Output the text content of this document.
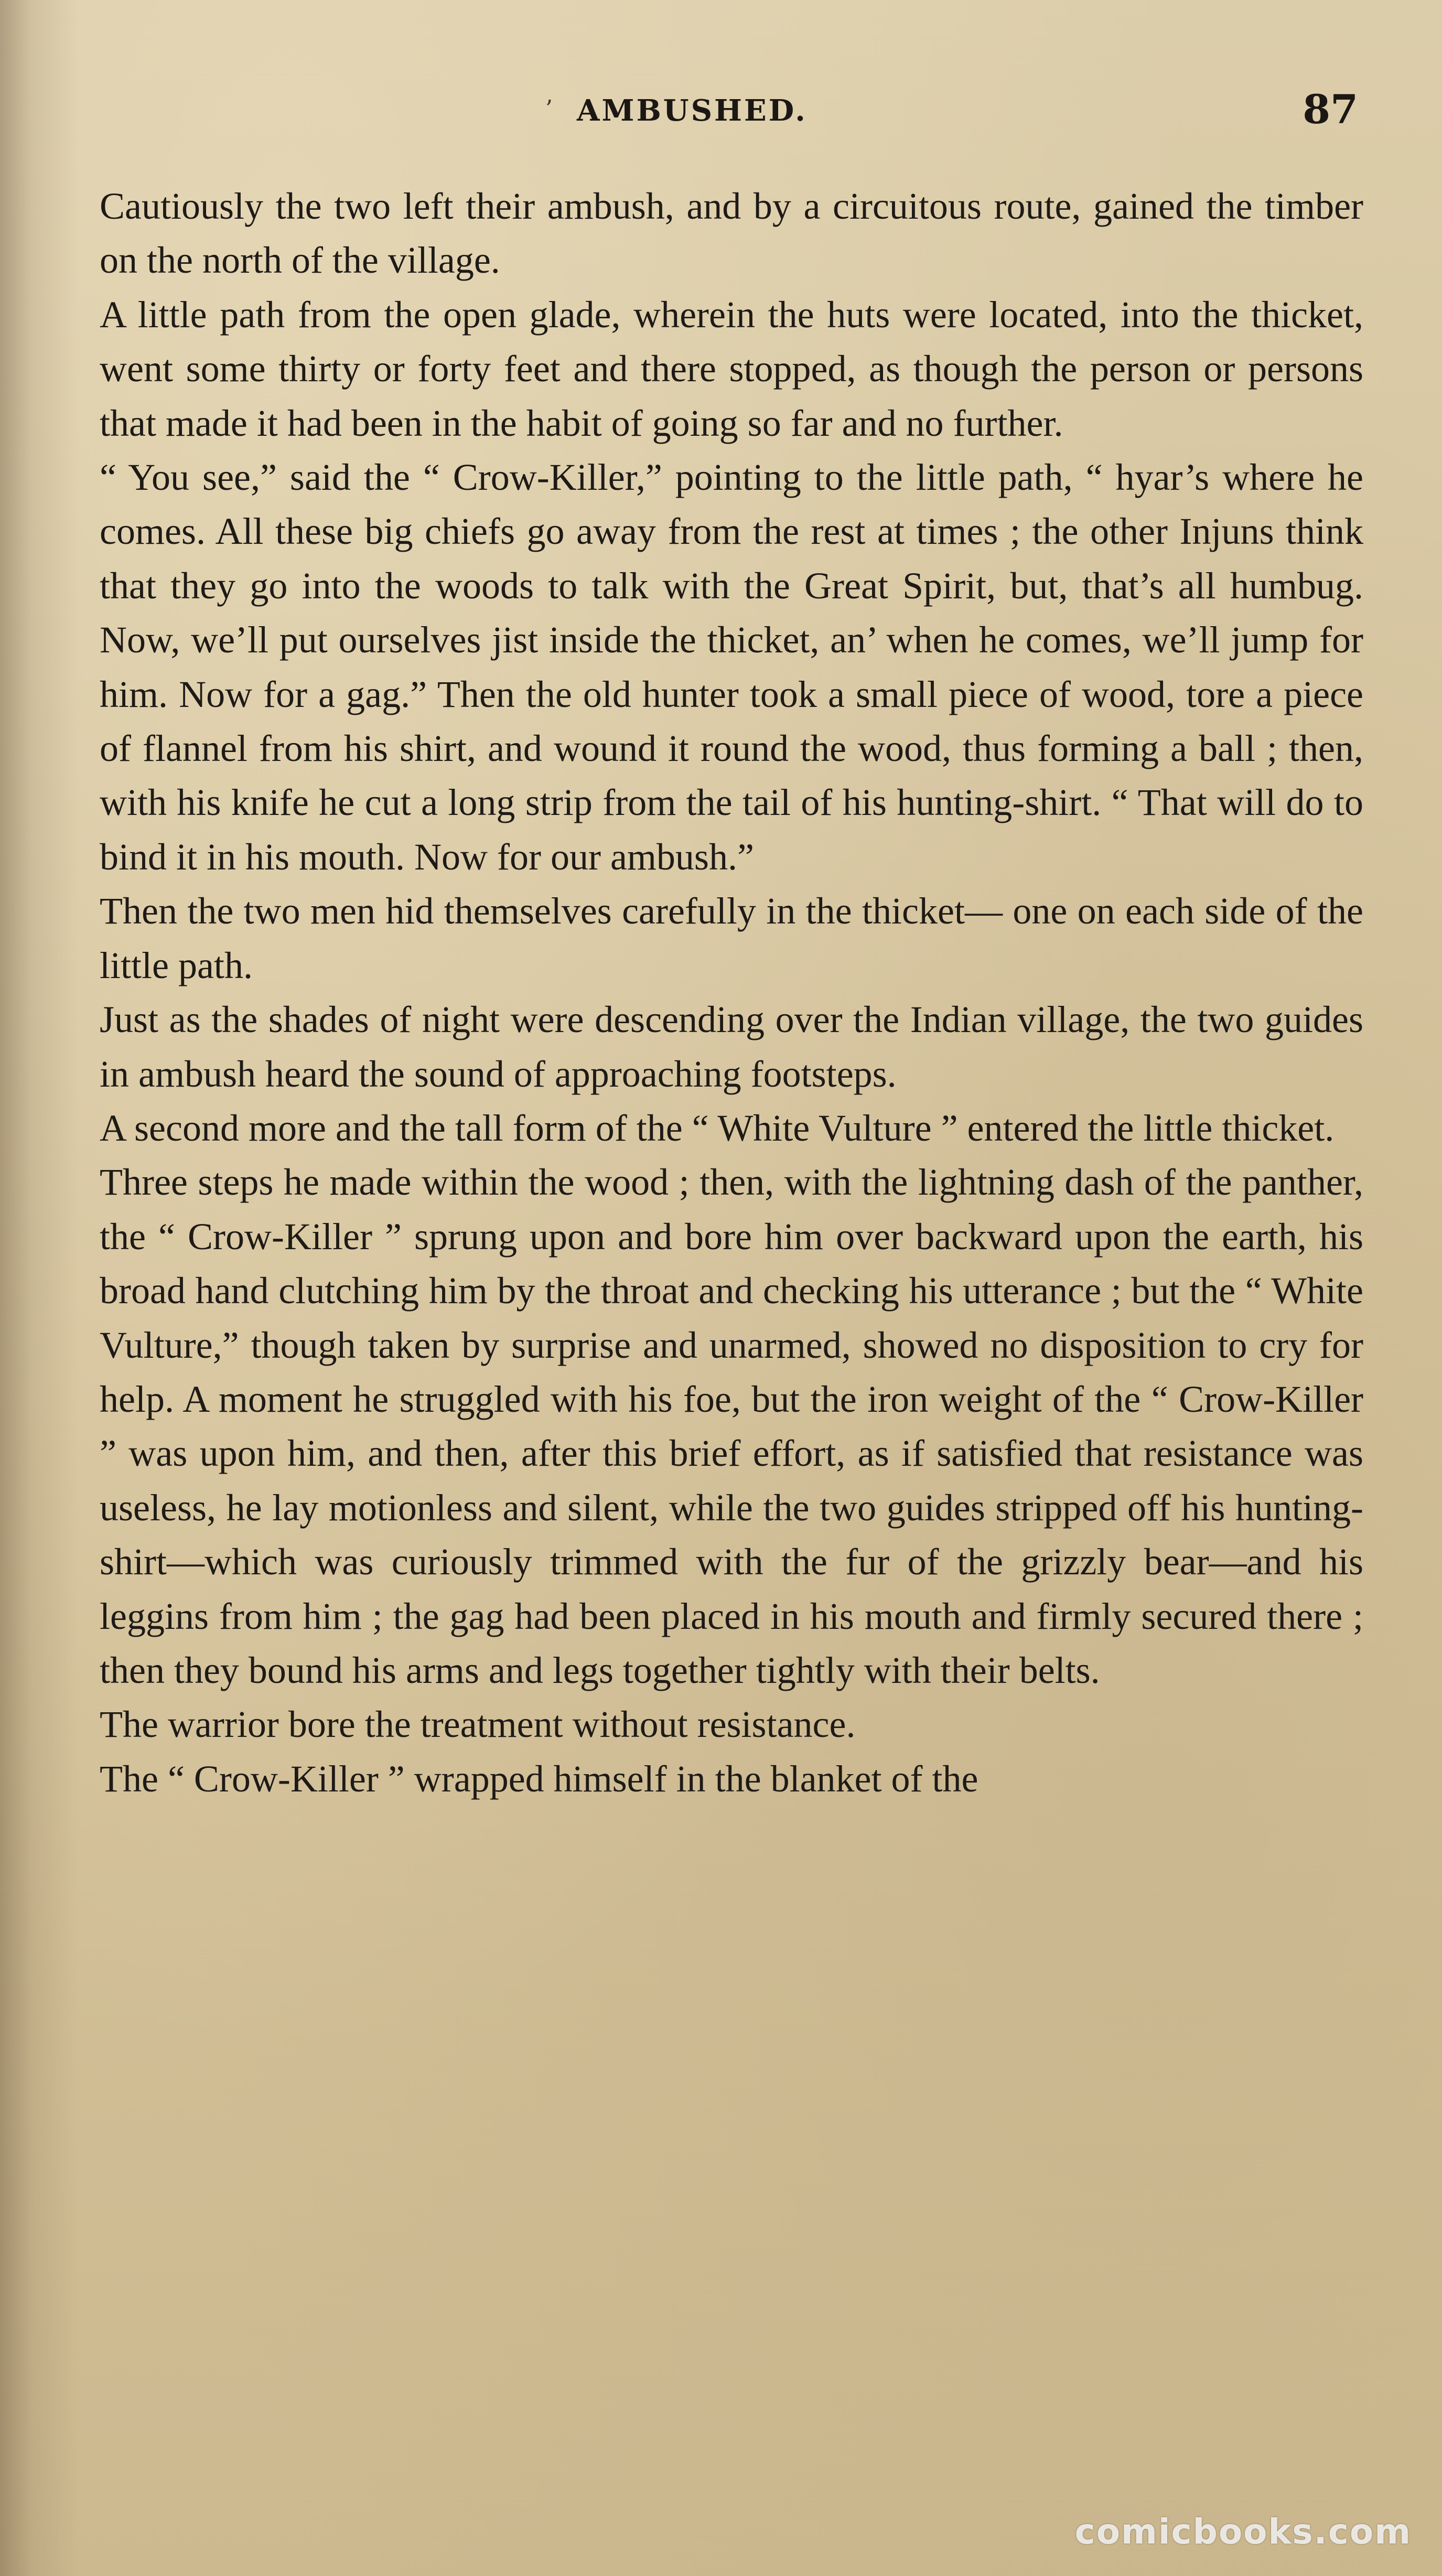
’ AMBUSHED.	87

Cautiously the two left their ambush, and by a circuitous route, gained the timber on the north of the village.

A little path from the open glade, wherein the huts were located, into the thicket, went some thirty or forty feet and there stopped, as though the person or persons that made it had been in the habit of going so far and no further.

“ You see,” said the “ Crow-Killer,” pointing to the little path, “ hyar’s where he comes. All these big chiefs go away from the rest at times ; the other Injuns think that they go into the woods to talk with the Great Spirit, but, that’s all humbug. Now, we’ll put ourselves jist inside the thicket, an’ when he comes, we’ll jump for him. Now for a gag.” Then the old hunter took a small piece of wood, tore a piece of flannel from his shirt, and wound it round the wood, thus forming a ball ; then, with his knife he cut a long strip from the tail of his hunting-shirt. “ That will do to bind it in his mouth. Now for our ambush.”

Then the two men hid themselves carefully in the thicket— one on each side of the little path.

Just as the shades of night were descending over the Indian village, the two guides in ambush heard the sound of approaching footsteps.

A second more and the tall form of the “ White Vulture ” entered the little thicket.

Three steps he made within the wood ; then, with the lightning dash of the panther, the “ Crow-Killer ” sprung upon and bore him over backward upon the earth, his broad hand clutching him by the throat and checking his utterance ; but the “ White Vulture,” though taken by surprise and unarmed, showed no disposition to cry for help. A moment he struggled with his foe, but the iron weight of the “ Crow-Killer ” was upon him, and then, after this brief effort, as if satisfied that resistance was useless, he lay motionless and silent, while the two guides stripped off his hunting-shirt—which was curiously trimmed with the fur of the grizzly bear—and his leggins from him ; the gag had been placed in his mouth and firmly secured there ; then they bound his arms and legs together tightly with their belts.

The warrior bore the treatment without resistance.

The “ Crow-Killer ” wrapped himself in the blanket of the

comicbooks.com
